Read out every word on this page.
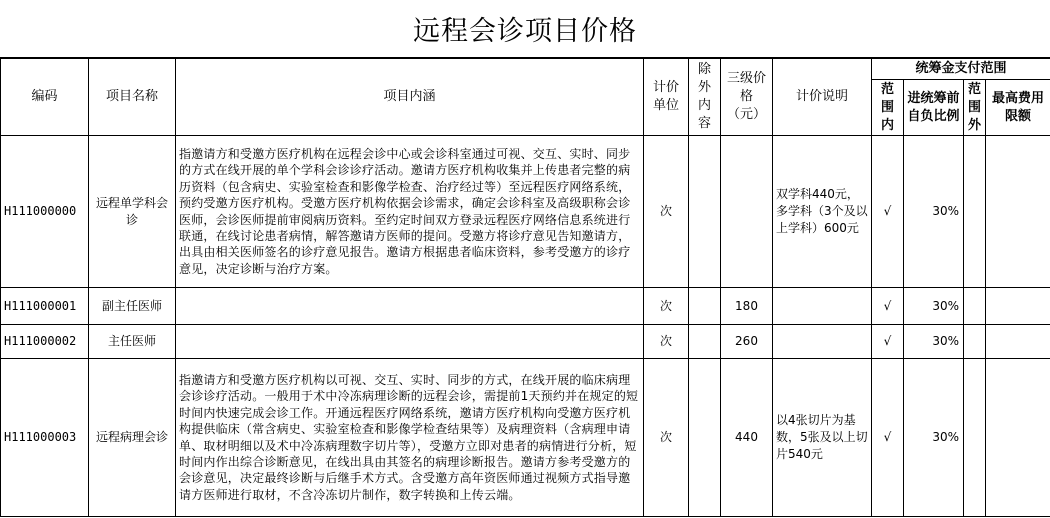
远程会诊项目价格
编码	项目名称	项目内涵	计价单位	除外内容	三级价格（元）	计价说明	统筹金支付范围			
							范围内	进统筹前自负比例	范围外	最高费用限额
H111000000	远程单学科会诊	指邀请方和受邀方医疗机构在远程会诊中心或会诊科室通过可视、交互、实时、同步的方式在线开展的单个学科会诊诊疗活动。邀请方医疗机构收集并上传患者完整的病历资料（包含病史、实验室检查和影像学检查、治疗经过等）至远程医疗网络系统，预约受邀方医疗机构。受邀方医疗机构依据会诊需求，确定会诊科室及高级职称会诊医师，会诊医师提前审阅病历资料。至约定时间双方登录远程医疗网络信息系统进行联通，在线讨论患者病情，解答邀请方医师的提问。受邀方将诊疗意见告知邀请方，出具由相关医师签名的诊疗意见报告。邀请方根据患者临床资料，参考受邀方的诊疗意见，决定诊断与治疗方案。	次			双学科440元，多学科（3个及以上学科）600元	√	30%		
H111000001	副主任医师		次		180		√	30%		
H111000002	主任医师		次		260		√	30%		
H111000003	远程病理会诊	指邀请方和受邀方医疗机构以可视、交互、实时、同步的方式，在线开展的临床病理会诊诊疗活动。一般用于术中冷冻病理诊断的远程会诊，需提前1天预约并在规定的短时间内快速完成会诊工作。开通远程医疗网络系统，邀请方医疗机构向受邀方医疗机构提供临床（常含病史、实验室检查和影像学检查结果等）及病理资料（含病理申请单、取材明细以及术中冷冻病理数字切片等），受邀方立即对患者的病情进行分析，短时间内作出综合诊断意见，在线出具由其签名的病理诊断报告。邀请方参考受邀方的会诊意见，决定最终诊断与后继手术方式。含受邀方高年资医师通过视频方式指导邀请方医师进行取材，不含冷冻切片制作，数字转换和上传云端。	次		440	以4张切片为基数，5张及以上切片540元	√	30%		
